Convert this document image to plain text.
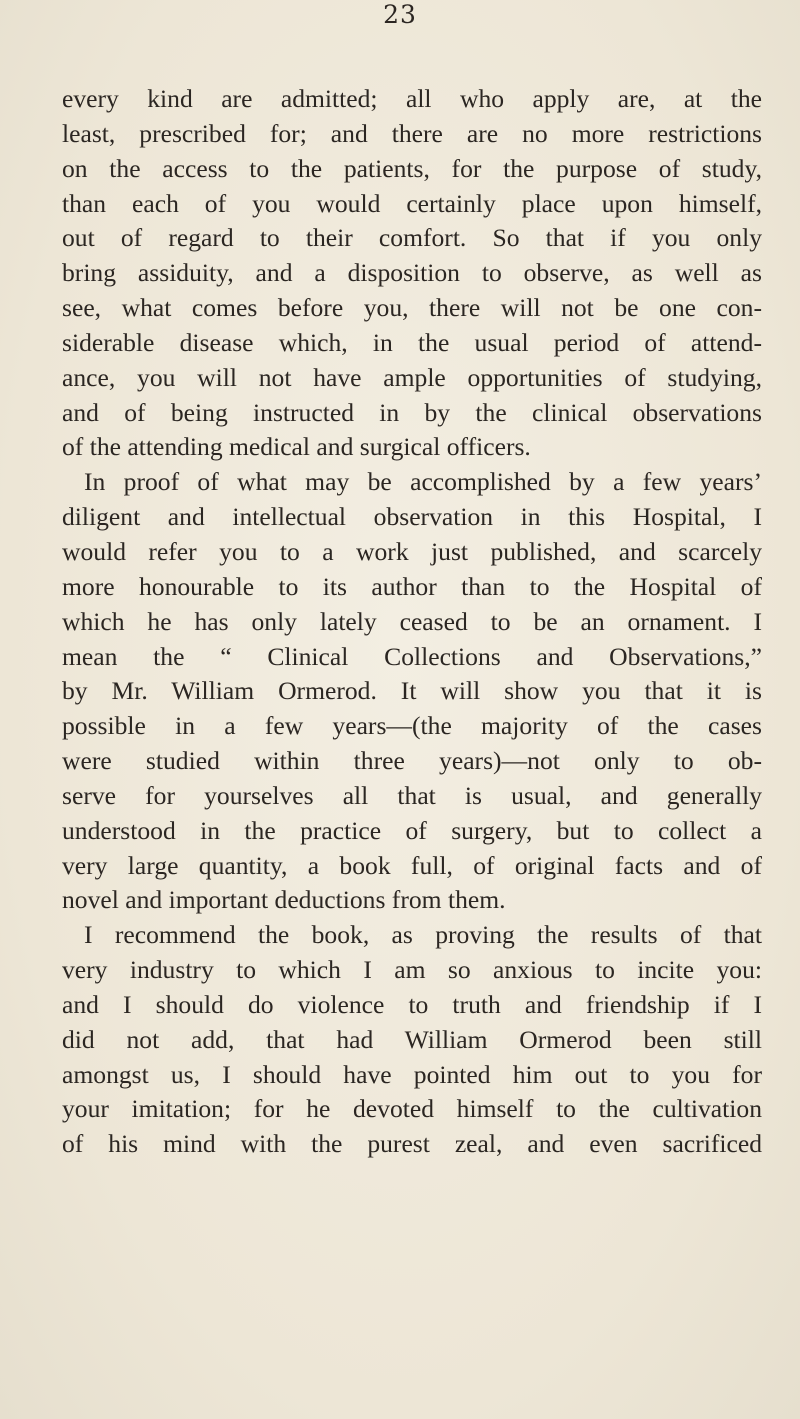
23
every kind are admitted; all who apply are, at the
least, prescribed for; and there are no more restrictions
on the access to the patients, for the purpose of study,
than each of you would certainly place upon himself,
out of regard to their comfort. So that if you only
bring assiduity, and a disposition to observe, as well as
see, what comes before you, there will not be one con-
siderable disease which, in the usual period of attend-
ance, you will not have ample opportunities of studying,
and of being instructed in by the clinical observations
of the attending medical and surgical officers.
In proof of what may be accomplished by a few years’
diligent and intellectual observation in this Hospital, I
would refer you to a work just published, and scarcely
more honourable to its author than to the Hospital of
which he has only lately ceased to be an ornament. I
mean the “ Clinical Collections and Observations,”
by Mr. William Ormerod. It will show you that it is
possible in a few years—(the majority of the cases
were studied within three years)—not only to ob-
serve for yourselves all that is usual, and generally
understood in the practice of surgery, but to collect a
very large quantity, a book full, of original facts and of
novel and important deductions from them.
I recommend the book, as proving the results of that
very industry to which I am so anxious to incite you:
and I should do violence to truth and friendship if I
did not add, that had William Ormerod been still
amongst us, I should have pointed him out to you for
your imitation; for he devoted himself to the cultivation
of his mind with the purest zeal, and even sacrificed
